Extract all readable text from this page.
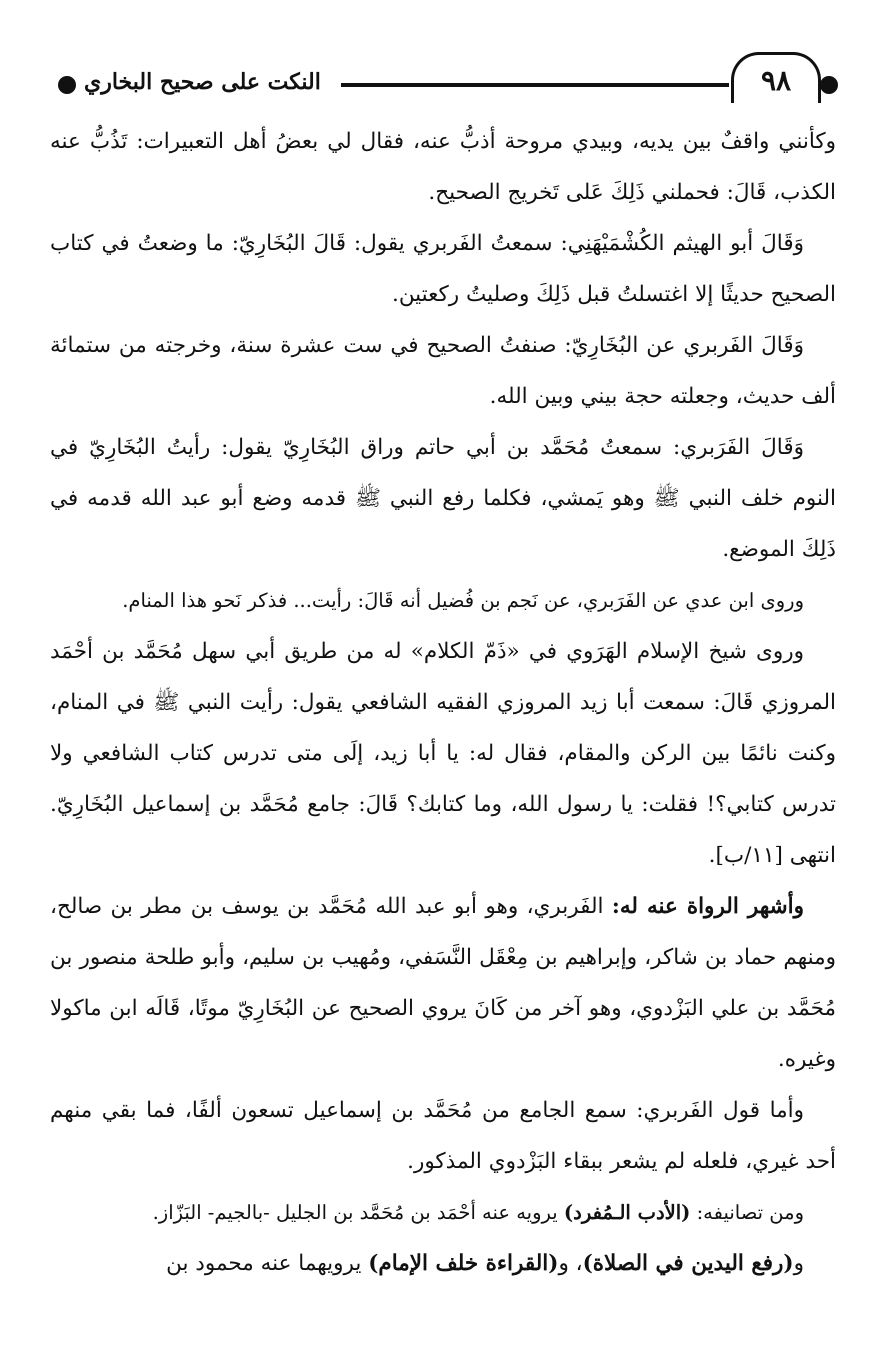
النكت على صحيح البخاري	٩٨

وكأنني واقفٌ بين يديه، وبيدي مروحة أذبُّ عنه، فقال لي بعضُ أهل التعبيرات: تَذُبُّ عنه الكذب، قَالَ: فحملني ذَلِكَ عَلى تَخريج الصحيح.

وَقَالَ أبو الهيثم الكُشْمَيْهَنِي: سمعتُ الفَربري يقول: قَالَ البُخَارِيّ: ما وضعتُ في كتاب الصحيح حديثًا إلا اغتسلتُ قبل ذَلِكَ وصليتُ ركعتين.

وَقَالَ الفَربري عن البُخَارِيّ: صنفتُ الصحيح في ست عشرة سنة، وخرجته من ستمائة ألف حديث، وجعلته حجة بيني وبين الله.

وَقَالَ الفَرَبري: سمعتُ مُحَمَّد بن أبي حاتم وراق البُخَارِيّ يقول: رأيتُ البُخَارِيّ في النوم خلف النبي ﷺ وهو يَمشي، فكلما رفع النبي ﷺ قدمه وضع أبو عبد الله قدمه في ذَلِكَ الموضع.

وروى ابن عدي عن الفَرَبري، عن نَجم بن فُضيل أنه قَالَ: رأيت... فذكر نَحو هذا المنام.

وروى شيخ الإسلام الهَرَوي في «ذَمّ الكلام» له من طريق أبي سهل مُحَمَّد بن أحْمَد المروزي قَالَ: سمعت أبا زيد المروزي الفقيه الشافعي يقول: رأيت النبي ﷺ في المنام، وكنت نائمًا بين الركن والمقام، فقال له: يا أبا زيد، إلَى متى تدرس كتاب الشافعي ولا تدرس كتابي؟! فقلت: يا رسول الله، وما كتابك؟ قَالَ: جامع مُحَمَّد بن إسماعيل البُخَارِيّ. انتهى [١١/ب].

وأشهر الرواة عنه له: الفَربري، وهو أبو عبد الله مُحَمَّد بن يوسف بن مطر بن صالح، ومنهم حماد بن شاكر، وإبراهيم بن مِعْقَل النَّسَفي، ومُهيب بن سليم، وأبو طلحة منصور بن مُحَمَّد بن علي البَزْدوي، وهو آخر من كَانَ يروي الصحيح عن البُخَارِيّ موتًا، قَالَه ابن ماكولا وغيره.

وأما قول الفَربري: سمع الجامع من مُحَمَّد بن إسماعيل تسعون ألفًا، فما بقي منهم أحد غيري، فلعله لم يشعر ببقاء البَزْدوي المذكور.

ومن تصانيفه: (الأدب الـمُفرد) يرويه عنه أحْمَد بن مُحَمَّد بن الجليل -بالجيم- البَزّاز.

و(رفع اليدين في الصلاة)، و(القراءة خلف الإمام) يرويهما عنه محمود بن
